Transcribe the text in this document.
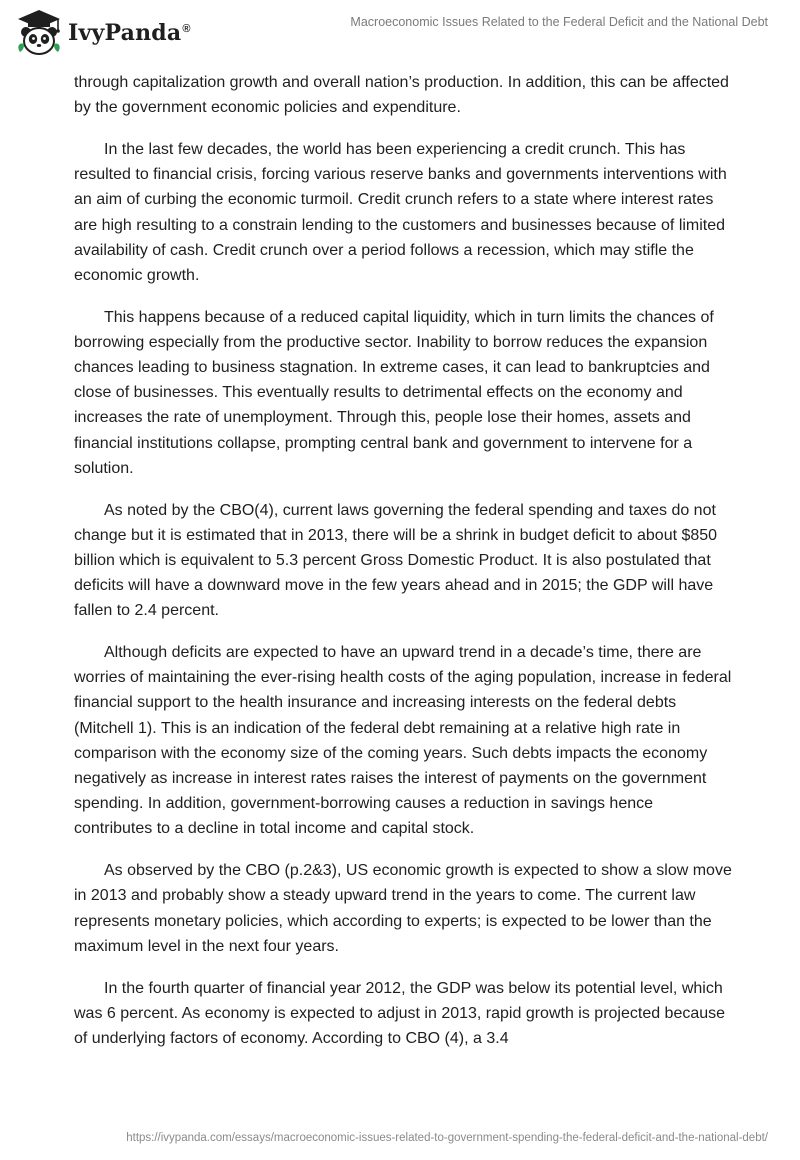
IvyPanda®	Macroeconomic Issues Related to the Federal Deficit and the National Debt

through capitalization growth and overall nation’s production. In addition, this can be affected by the government economic policies and expenditure.

In the last few decades, the world has been experiencing a credit crunch. This has resulted to financial crisis, forcing various reserve banks and governments interventions with an aim of curbing the economic turmoil. Credit crunch refers to a state where interest rates are high resulting to a constrain lending to the customers and businesses because of limited availability of cash. Credit crunch over a period follows a recession, which may stifle the economic growth.

This happens because of a reduced capital liquidity, which in turn limits the chances of borrowing especially from the productive sector. Inability to borrow reduces the expansion chances leading to business stagnation. In extreme cases, it can lead to bankruptcies and close of businesses. This eventually results to detrimental effects on the economy and increases the rate of unemployment. Through this, people lose their homes, assets and financial institutions collapse, prompting central bank and government to intervene for a solution.

As noted by the CBO(4), current laws governing the federal spending and taxes do not change but it is estimated that in 2013, there will be a shrink in budget deficit to about $850 billion which is equivalent to 5.3 percent Gross Domestic Product. It is also postulated that deficits will have a downward move in the few years ahead and in 2015; the GDP will have fallen to 2.4 percent.

Although deficits are expected to have an upward trend in a decade’s time, there are worries of maintaining the ever-rising health costs of the aging population, increase in federal financial support to the health insurance and increasing interests on the federal debts (Mitchell 1). This is an indication of the federal debt remaining at a relative high rate in comparison with the economy size of the coming years. Such debts impacts the economy negatively as increase in interest rates raises the interest of payments on the government spending. In addition, government-borrowing causes a reduction in savings hence contributes to a decline in total income and capital stock.

As observed by the CBO (p.2&3), US economic growth is expected to show a slow move in 2013 and probably show a steady upward trend in the years to come. The current law represents monetary policies, which according to experts; is expected to be lower than the maximum level in the next four years.

In the fourth quarter of financial year 2012, the GDP was below its potential level, which was 6 percent. As economy is expected to adjust in 2013, rapid growth is projected because of underlying factors of economy. According to CBO (4), a 3.4

https://ivypanda.com/essays/macroeconomic-issues-related-to-government-spending-the-federal-deficit-and-the-national-debt/
